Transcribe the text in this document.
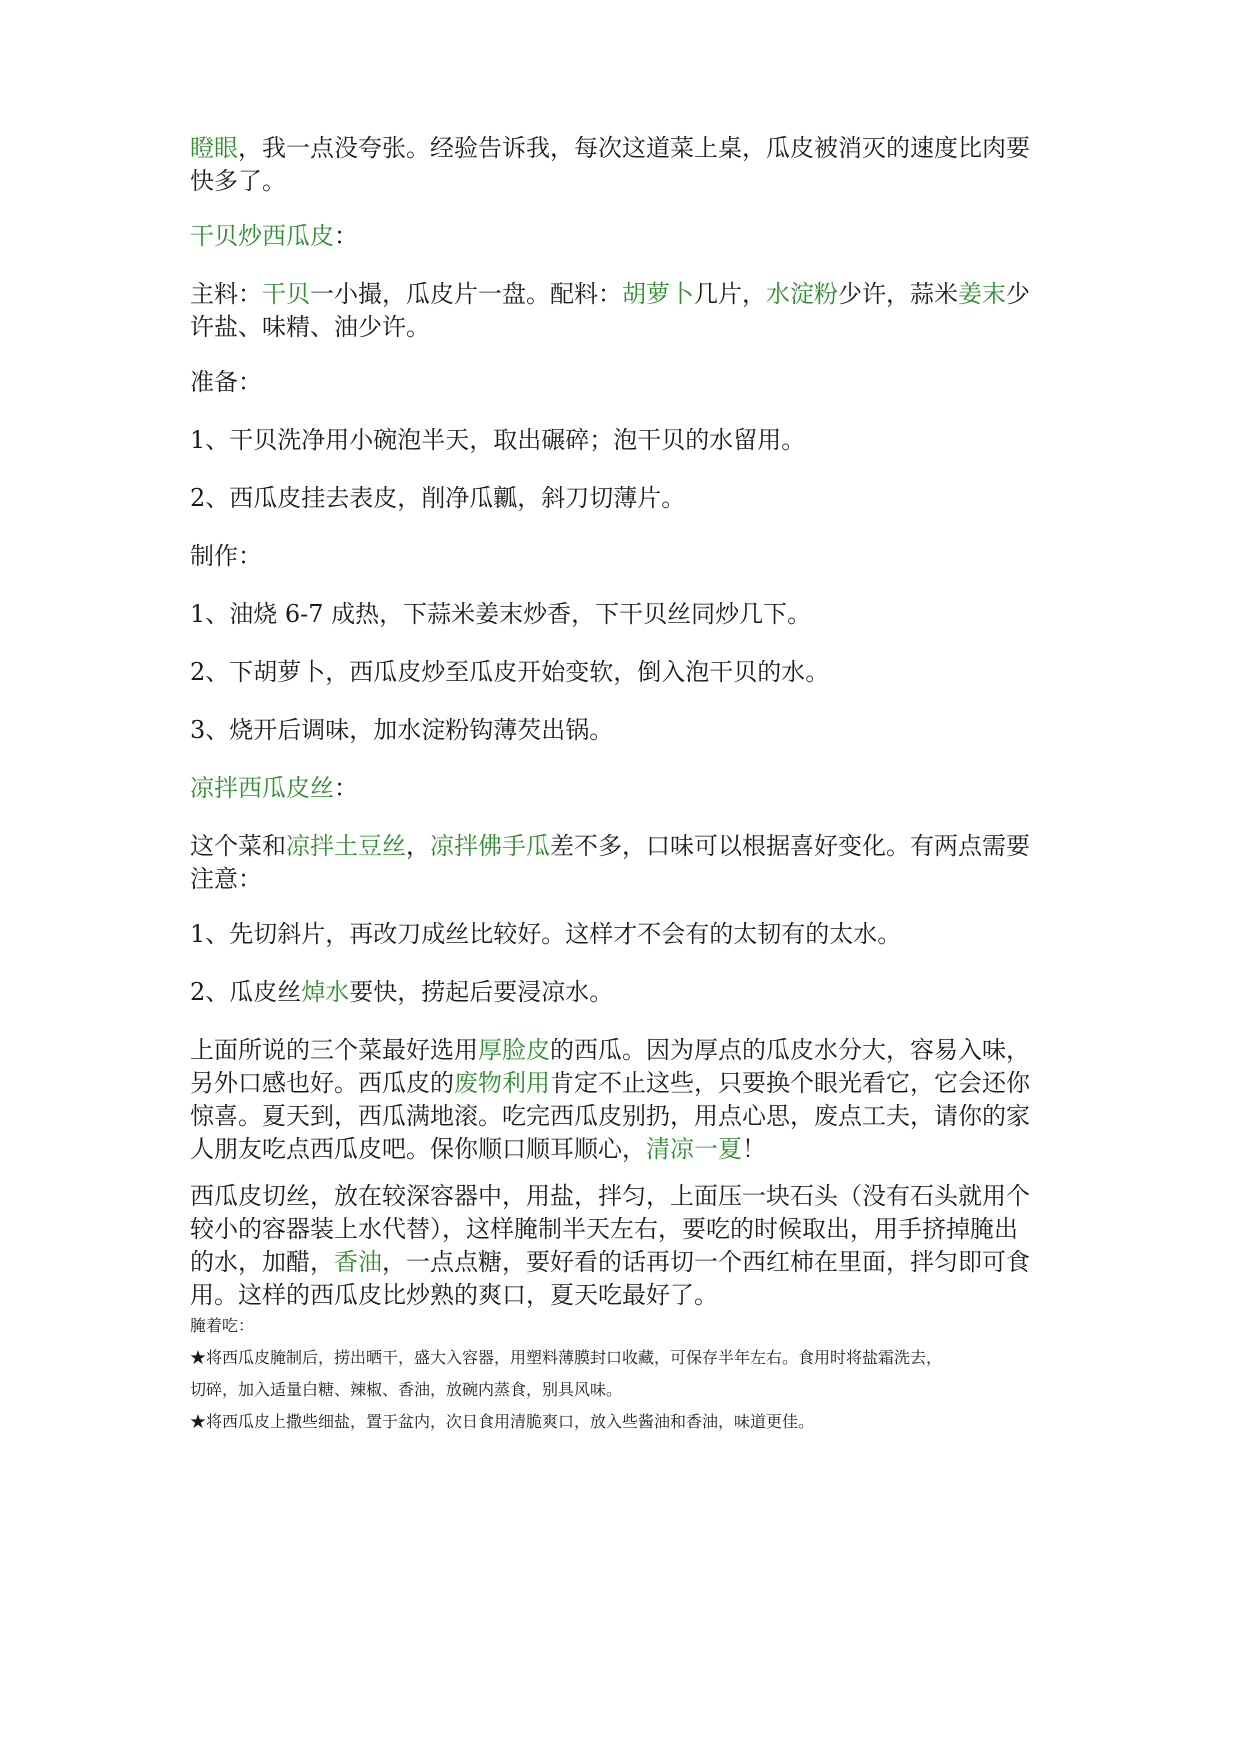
瞪眼，我一点没夸张。经验告诉我，每次这道菜上桌，瓜皮被消灭的速度比肉要
快多了。

干贝炒西瓜皮：

主料：干贝一小撮，瓜皮片一盘。配料：胡萝卜几片，水淀粉少许，蒜米姜末少
许盐、味精、油少许。

准备：

1、干贝洗净用小碗泡半天，取出碾碎；泡干贝的水留用。

2、西瓜皮挂去表皮，削净瓜瓤，斜刀切薄片。

制作：

1、油烧 6-7 成热，下蒜米姜末炒香，下干贝丝同炒几下。

2、下胡萝卜，西瓜皮炒至瓜皮开始变软，倒入泡干贝的水。

3、烧开后调味，加水淀粉钩薄芡出锅。

凉拌西瓜皮丝：

这个菜和凉拌土豆丝，凉拌佛手瓜差不多，口味可以根据喜好变化。有两点需要
注意：

1、先切斜片，再改刀成丝比较好。这样才不会有的太韧有的太水。

2、瓜皮丝焯水要快，捞起后要浸凉水。

上面所说的三个菜最好选用厚脸皮的西瓜。因为厚点的瓜皮水分大，容易入味，
另外口感也好。西瓜皮的废物利用肯定不止这些，只要换个眼光看它，它会还你
惊喜。夏天到，西瓜满地滚。吃完西瓜皮别扔，用点心思，废点工夫，请你的家
人朋友吃点西瓜皮吧。保你顺口顺耳顺心，清凉一夏！

西瓜皮切丝，放在较深容器中，用盐，拌匀，上面压一块石头（没有石头就用个
较小的容器装上水代替），这样腌制半天左右，要吃的时候取出，用手挤掉腌出
的水，加醋，香油，一点点糖，要好看的话再切一个西红柿在里面，拌匀即可食
用。这样的西瓜皮比炒熟的爽口，夏天吃最好了。

腌着吃：

★将西瓜皮腌制后，捞出晒干，盛大入容器，用塑料薄膜封口收藏，可保存半年左右。食用时将盐霜洗去，
切碎，加入适量白糖、辣椒、香油，放碗内蒸食，别具风味。

★将西瓜皮上撒些细盐，置于盆内，次日食用清脆爽口，放入些酱油和香油，味道更佳。
